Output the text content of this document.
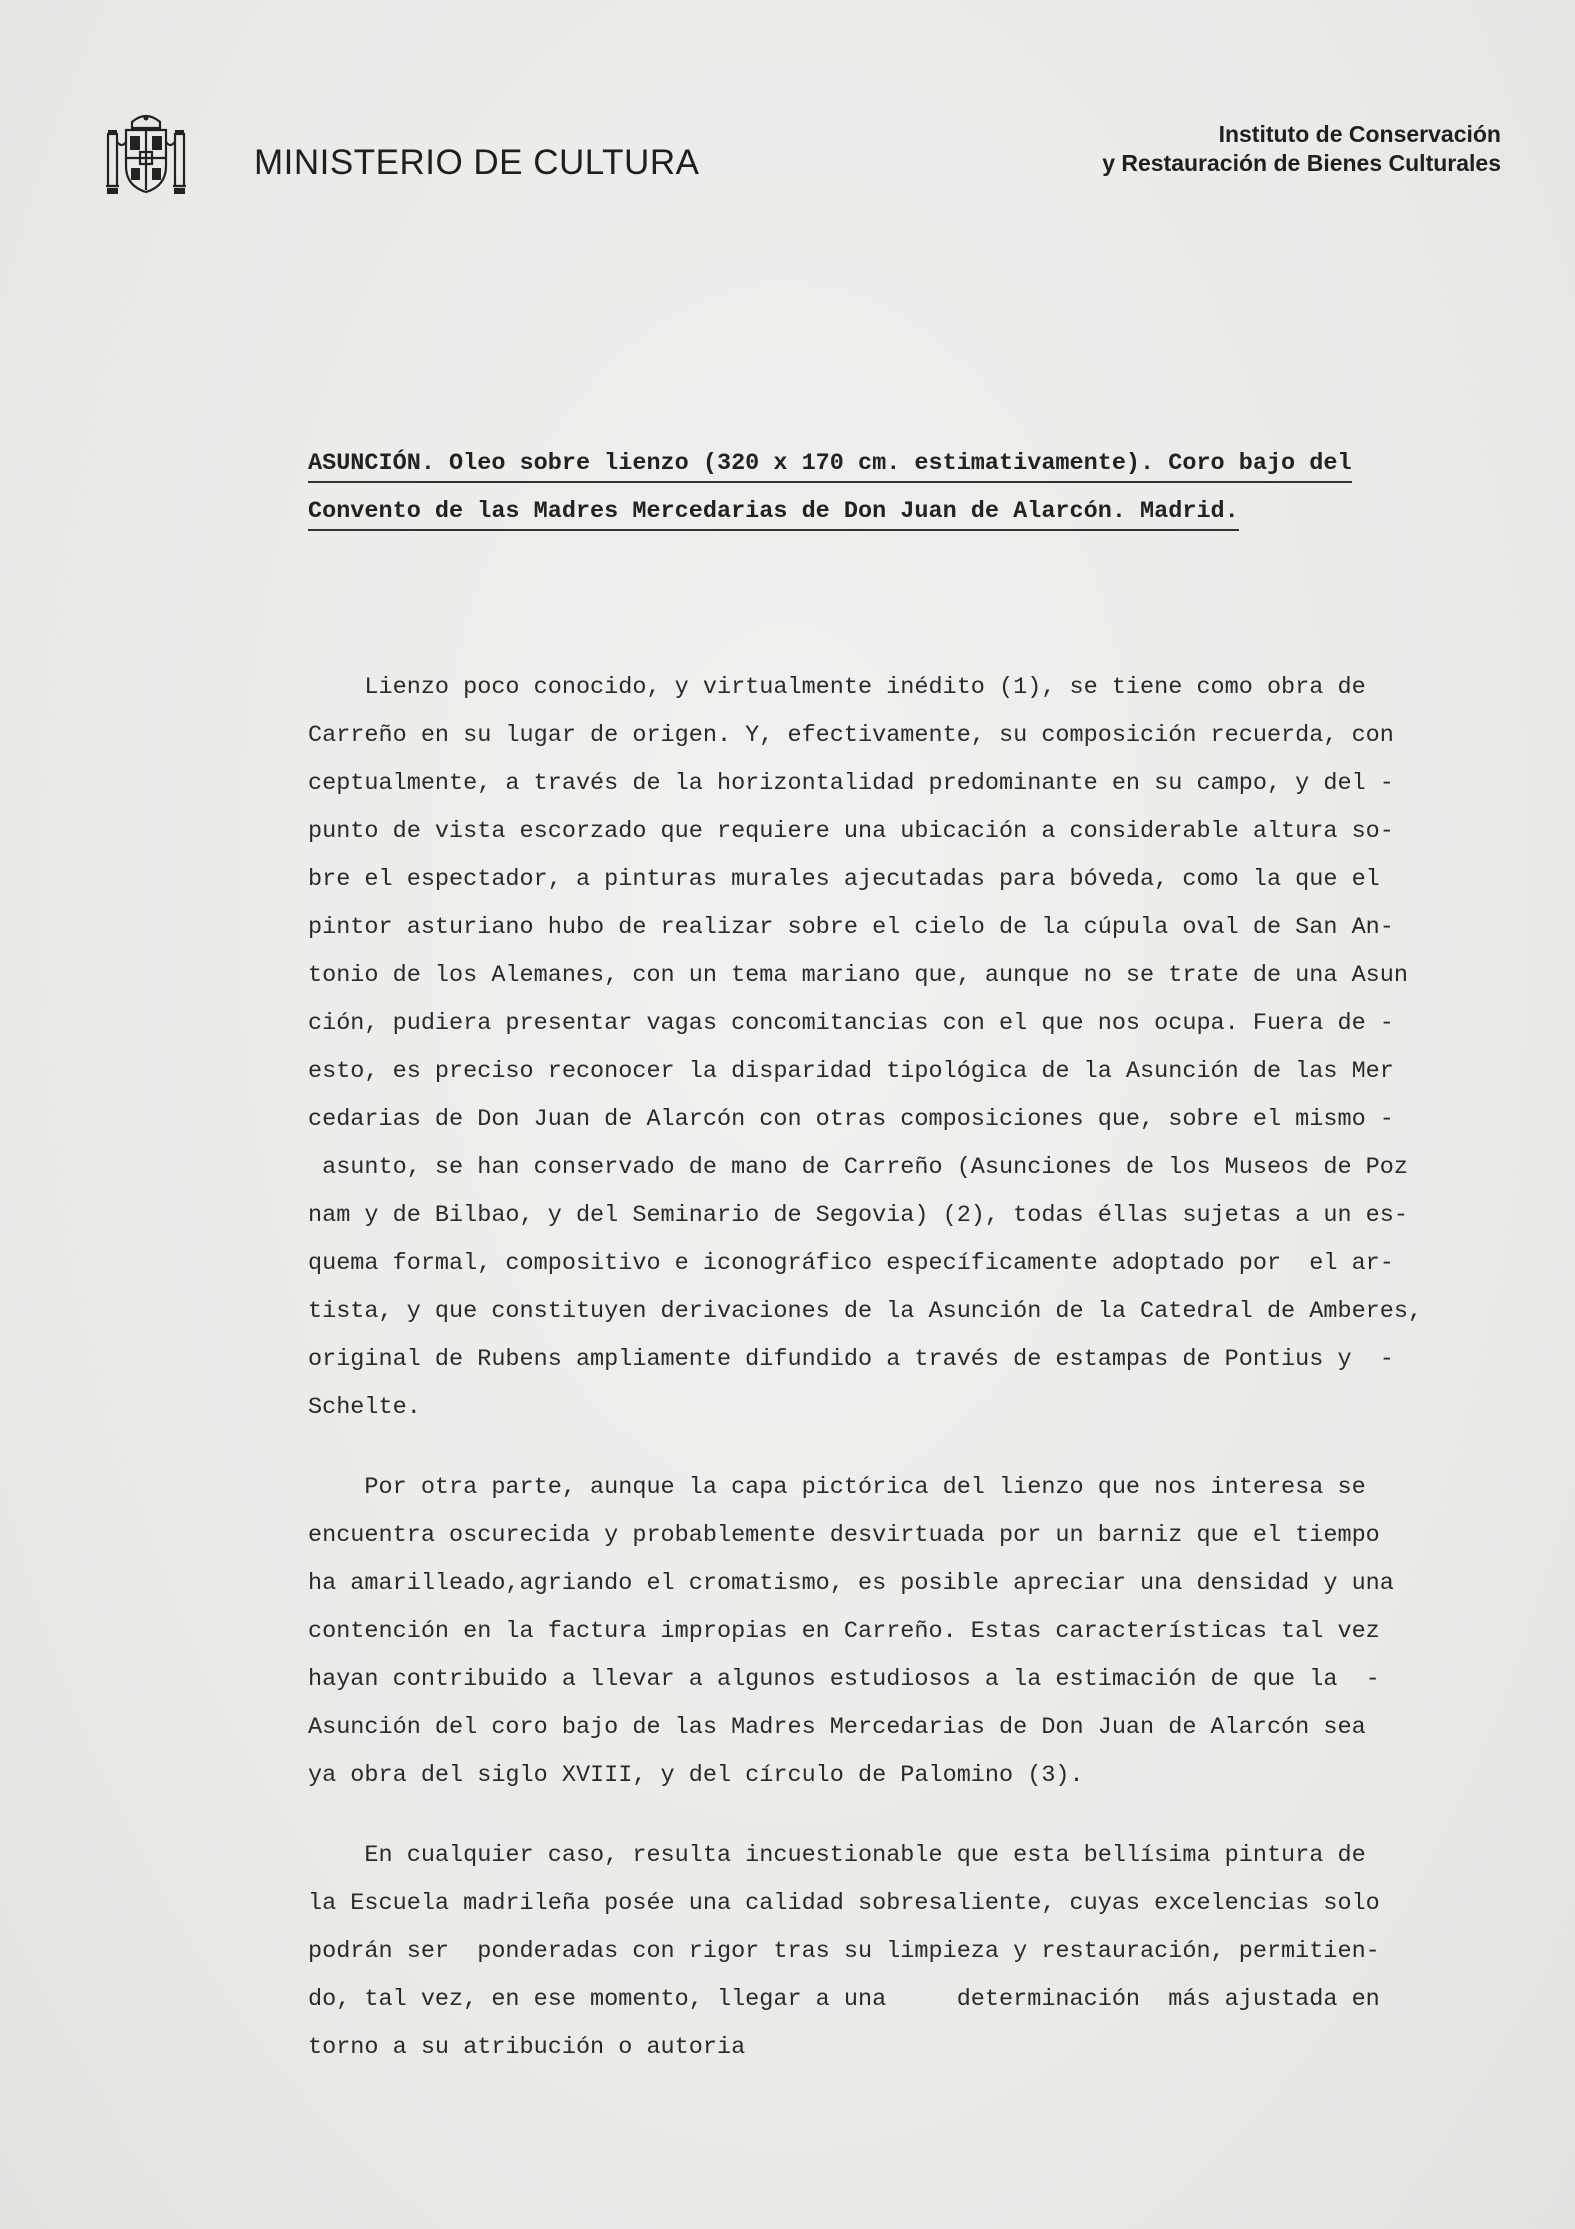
MINISTERIO DE CULTURA
Instituto de Conservación
y Restauración de Bienes Culturales
ASUNCIÓN. Oleo sobre lienzo (320 x 170 cm. estimativamente). Coro bajo del
Convento de las Madres Mercedarias de Don Juan de Alarcón. Madrid.
Lienzo poco conocido, y virtualmente inédito (1), se tiene como obra de
Carreño en su lugar de origen. Y, efectivamente, su composición recuerda, con
ceptualmente, a través de la horizontalidad predominante en su campo, y del -
punto de vista escorzado que requiere una ubicación a considerable altura so-
bre el espectador, a pinturas murales ajecutadas para bóveda, como la que el
pintor asturiano hubo de realizar sobre el cielo de la cúpula oval de San An-
tonio de los Alemanes, con un tema mariano que, aunque no se trate de una Asun
ción, pudiera presentar vagas concomitancias con el que nos ocupa. Fuera de -
esto, es preciso reconocer la disparidad tipológica de la Asunción de las Mer
cedarias de Don Juan de Alarcón con otras composiciones que, sobre el mismo -
asunto, se han conservado de mano de Carreño (Asunciones de los Museos de Poz
nam y de Bilbao, y del Seminario de Segovia) (2), todas éllas sujetas a un es-
quema formal, compositivo e iconográfico específicamente adoptado por  el ar-
tista, y que constituyen derivaciones de la Asunción de la Catedral de Amberes,
original de Rubens ampliamente difundido a través de estampas de Pontius y  -
Schelte.
Por otra parte, aunque la capa pictórica del lienzo que nos interesa se
encuentra oscurecida y probablemente desvirtuada por un barniz que el tiempo
ha amarilleado,agriando el cromatismo, es posible apreciar una densidad y una
contención en la factura impropias en Carreño. Estas características tal vez
hayan contribuido a llevar a algunos estudiosos a la estimación de que la  -
Asunción del coro bajo de las Madres Mercedarias de Don Juan de Alarcón sea
ya obra del siglo XVIII, y del círculo de Palomino (3).
En cualquier caso, resulta incuestionable que esta bellísima pintura de
la Escuela madrileña posée una calidad sobresaliente, cuyas excelencias solo
podrán ser  ponderadas con rigor tras su limpieza y restauración, permitien-
do, tal vez, en ese momento, llegar a una     determinación  más ajustada en
torno a su atribución o autoria
